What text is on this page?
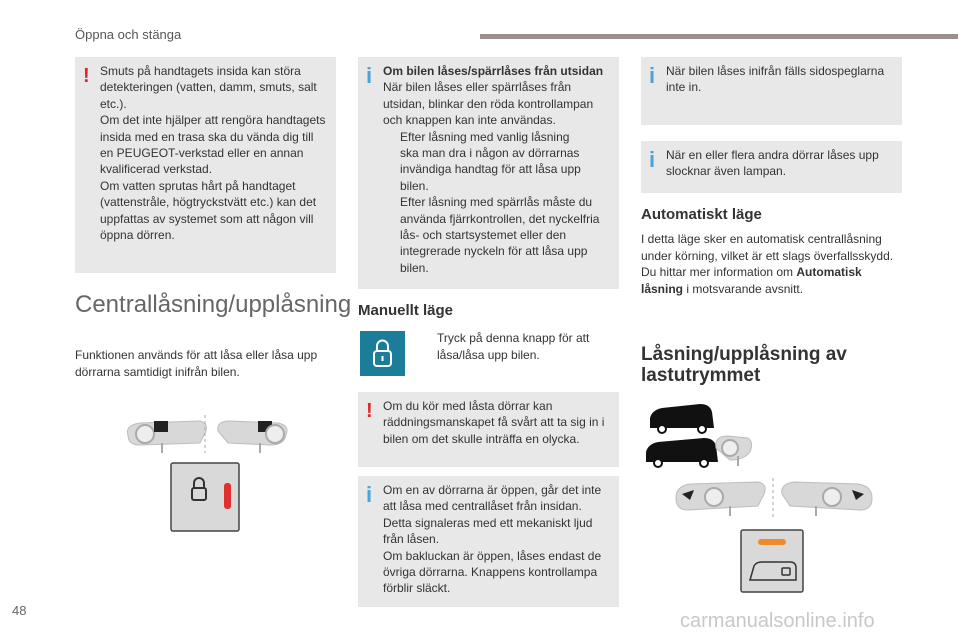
Öppna och stänga
! Smuts på handtagets insida kan störa

detekteringen (vatten, damm, smuts, salt

etc.).

Om det inte hjälper att rengöra handtagets

insida med en trasa ska du vända dig till

en PEUGEOT-verkstad eller en annan

kvalificerad verkstad.

Om vatten sprutas hårt på handtaget

(vattenstråle, högtryckstvätt etc.) kan det

uppfattas av systemet som att någon vill

öppna dörren.

Centrallåsning/upplåsning
Funktionen används för att låsa eller låsa upp
dörrarna samtidigt inifrån bilen.
i Om bilen låses/spärrlåses från utsidan

När bilen låses eller spärrlåses från

utsidan, blinkar den röda kontrollampan

och knappen kan inte användas.

Efter låsning med vanlig låsning
ska man dra i någon av dörrarnas
invändiga handtag för att låsa upp
bilen.
Efter låsning med spärrlås måste du
använda fjärrkontrollen, det nyckelfria
lås- och startsystemet eller den
integrerade nyckeln för att låsa upp
bilen.
Manuellt läge
Tryck på denna knapp för att
låsa/låsa upp bilen.
! Om du kör med låsta dörrar kan

räddningsmanskapet få svårt att ta sig in i

bilen om det skulle inträffa en olycka.

i Om en av dörrarna är öppen, går det inte

att låsa med centrallåset från insidan.

Detta signaleras med ett mekaniskt ljud

från låsen.

Om bakluckan är öppen, låses endast de

övriga dörrarna. Knappens kontrollampa

förblir släckt.

i När bilen låses inifrån fälls sidospeglarna

inte in.

i När en eller flera andra dörrar låses upp

slocknar även lampan.

Automatiskt läge
I detta läge sker en automatisk centrallåsning
under körning, vilket är ett slags överfallsskydd.
Du hittar mer information om Automatisk
låsning i motsvarande avsnitt.
Låsning/upplåsning av
lastutrymmet
48	carmanualsonline.info
